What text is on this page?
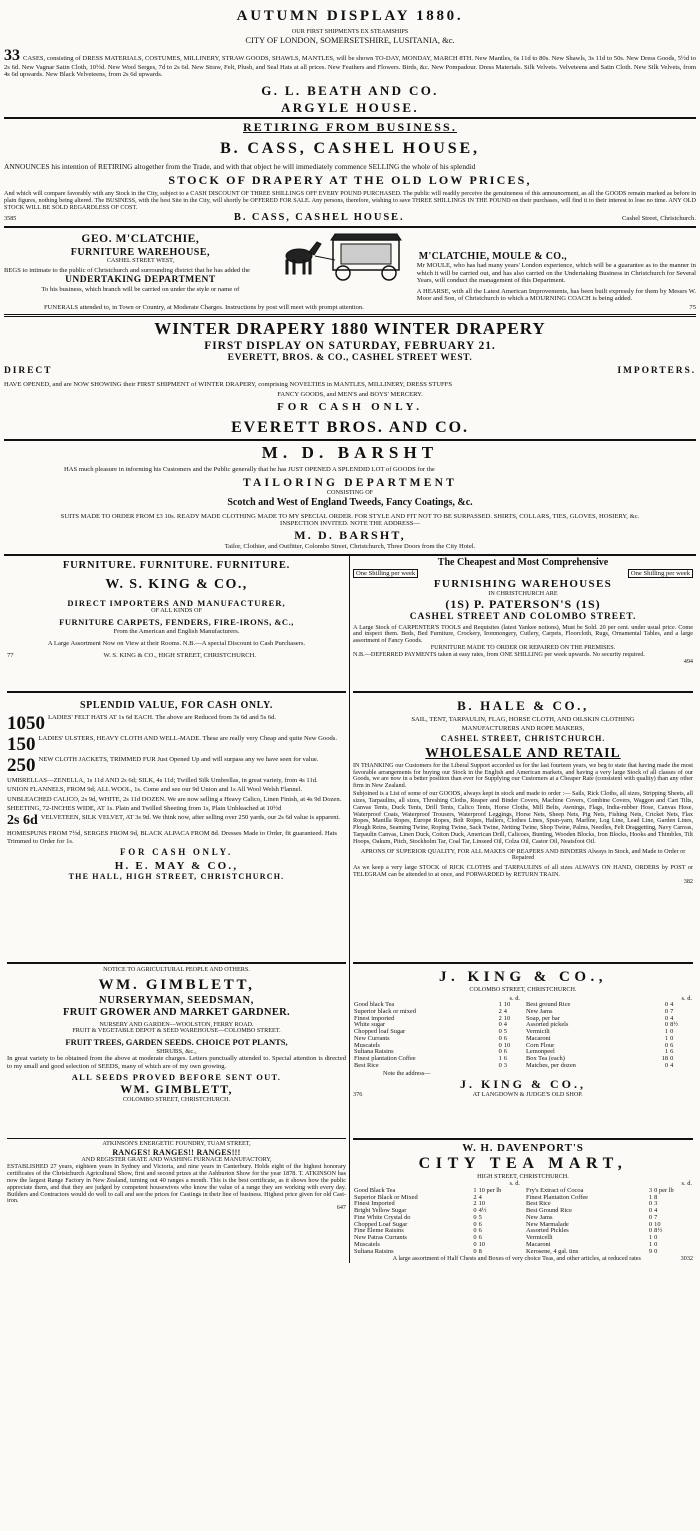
AUTUMN DISPLAY 1880.
OUR FIRST SHIPMENTS EX STEAMSHIPS
CITY OF LONDON, SOMERSETSHIRE, LUSITANIA, &c.
33 CASES, consisting of DRESS MATERIALS, COSTUMES, MILLINERY, STRAW GOODS, SHAWLS, MANTLES, will be shown TO-DAY, MONDAY, MARCH 8TH. New Mantles, 6s 11d to 80s. New Shawls, 3s 11d to 50s. New Dress Goods, 5½d to 2s 6d. New Vagnar Satin Cloth, 10½d. New Wool Serges, 7d to 2s 6d. New Straw, Felt, Plush, and Seal Hats at all prices. New Feathers and Flowers. Birds, &c. New Pompadour. Dress Materials. Silk Velvets. Velveteens and Satin Cloth. New Silk Velvets, from 4s 6d upwards. New Black Velveteens, from 2s 6d upwards.
G. L. BEATH AND CO.
ARGYLE HOUSE.
RETIRING FROM BUSINESS.
B. CASS, CASHEL HOUSE,
ANNOUNCES his intention of RETIRING altogether from the Trade, and with that object he will immediately commence SELLING the whole of his splendid
STOCK OF DRAPERY AT THE OLD LOW PRICES,
And which will compare favorably with any Stock in the City, subject to a CASH DISCOUNT OF THREE SHILLINGS OFF EVERY POUND PURCHASED. The public will readily perceive the genuineness of this announcement, as all the GOODS remain marked as before in plain figures, nothing being altered. The BUSINESS, with the best Site in the City, will shortly be OFFERED FOR SALE. Any persons, therefore, wishing to save THREE SHILLINGS IN THE POUND on their purchases, will find it to their interest to lose no time. ANY OLD STOCK WILL BE SOLD REGARDLESS OF COST.
3585	B. CASS, CASHEL HOUSE.	Cashel Street, Christchurch.
GEO. M'CLATCHIE,
FURNITURE WAREHOUSE,
CASHEL STREET WEST,
BEGS to intimate to the public of Christchurch and surrounding district that he has added the
UNDERTAKING DEPARTMENT
To his business, which branch will be carried on under the style or name of
M'CLATCHIE, MOULE & CO.,
Mr MOULE, who has had many years' London experience, which will be a guarantee as to the manner in which it will be carried out, and has also carried on the Undertaking Business in Christchurch for Several Years, will conduct the management of this Department.
A HEARSE, with all the Latest American Improvements, has been built expressly for them by Messrs W. Moor and Son, of Christchurch to which a MOURNING COACH is being added.
FUNERALS attended to, in Town or Country, at Moderate Charges. Instructions by post will meet with prompt attention.	75
WINTER DRAPERY 1880 WINTER DRAPERY
FIRST DISPLAY ON SATURDAY, FEBRUARY 21.
EVERETT, BROS. & CO., CASHEL STREET WEST.
DIRECT	IMPORTERS.
HAVE OPENED, and are NOW SHOWING their FIRST SHIPMENT of WINTER DRAPERY, comprising NOVELTIES in MANTLES, MILLINERY, DRESS STUFFS
FANCY GOODS, and MEN'S and BOYS' MERCERY.
FOR CASH ONLY.
EVERETT BROS. AND CO.
M. D. BARSHT
HAS much pleasure in informing his Customers and the Public generally that he has JUST OPENED A SPLENDID LOT of GOODS for the
TAILORING DEPARTMENT
CONSISTING OF
Scotch and West of England Tweeds, Fancy Coatings, &c.
SUITS MADE TO ORDER FROM £3 10s. READY MADE CLOTHING MADE TO MY SPECIAL ORDER. FOR STYLE AND FIT NOT TO BE SURPASSED. SHIRTS, COLLARS, TIES, GLOVES, HOSIERY, &c.
INSPECTION INVITED. NOTE THE ADDRESS—
M. D. BARSHT,
Tailor, Clothier, and Outfitter, Colombo Street, Christchurch, Three Doors from the City Hotel.
FURNITURE. FURNITURE. FURNITURE.
W. S. KING & CO.,
DIRECT IMPORTERS AND MANUFACTURER,
OF ALL KINDS OF
FURNITURE CARPETS, FENDERS, FIRE-IRONS, &C.,
From the American and English Manufacturers.
A Large Assortment Now on View at their Rooms. N.B.—A special Discount to Cash Purchasers.
77	W. S. KING & CO., HIGH STREET, CHRISTCHURCH.
SPLENDID VALUE, FOR CASH ONLY.
1050 LADIES' FELT HATS AT 1s 6d EACH. The above are Reduced from 3s 6d and 5s 6d.
150 LADIES' ULSTERS, HEAVY CLOTH AND WELL-MADE. These are really very Cheap and quite New Goods.
250 NEW CLOTH JACKETS, TRIMMED FUR Just Opened Up and will surpass any we have seen for value.
UMBRELLAS—ZENELLA, 1s 11d AND 2s 6d; SILK, 4s 11d; Twilled Silk Umbrellas, in great variety, from 4s 11d.
UNION FLANNELS, FROM 9d; ALL WOOL, 1s. Come and see our 9d Union and 1s All Wool Welsh Flannel.
UNBLEACHED CALICO, 2s 9d, WHITE, 2s 11d DOZEN. We are now selling a Heavy Calico, Linen Finish, at 4s 9d Dozen.
SHEETING, 72-INCHES WIDE, AT 1s. Plain and Twilled Sheeting from 1s, Plain Unbleached at 10½d
2s 6d VELVETEEN, SILK VELVET, AT 3s 9d. We think now, after selling over 250 yards, our 2s 6d value is apparent.
HOMESPUNS FROM 7½d, SERGES FROM 9d, BLACK ALPACA FROM 8d. Dresses Made to Order, fit guaranteed. Hats Trimmed to Order for 1s.
FOR CASH ONLY.
H. E. MAY & CO.,
THE HALL, HIGH STREET, CHRISTCHURCH.
NOTICE TO AGRICULTURAL PEOPLE AND OTHERS.
WM. GIMBLETT,
NURSERYMAN, SEEDSMAN,
FRUIT GROWER AND MARKET GARDNER.
NURSERY AND GARDEN—WOOLSTON, FERRY ROAD.
FRUIT & VEGETABLE DEPOT & SEED WAREHOUSE—COLOMBO STREET.
FRUIT TREES, GARDEN SEEDS. CHOICE POT PLANTS,
SHRUBS, &c.,
In great variety to be obtained from the above at moderate charges. Letters punctually attended to. Special attention is directed to my small and good selection of SEEDS, many of which are of my own growing.
ALL SEEDS PROVED BEFORE SENT OUT.
WM. GIMBLETT,
COLOMBO STREET, CHRISTCHURCH.
ATKINSON'S ENERGETIC FOUNDRY, TUAM STREET,
RANGES! RANGES!! RANGES!!!
AND REGISTER GRATE AND WASHING FURNACE MANUFACTORY,
ESTABLISHED 27 years, eighteen years in Sydney and Victoria, and nine years in Canterbury. Holds eight of the highest honorary certificates of the Christchurch Agricultural Show, first and second prizes at the Ashburton Show for the year 1878. T. ATKINSON has now the largest Range Factory in New Zealand, turning out 40 ranges a month. This is the best certificate, as it shows how the public appreciate them, and that they are judged by competent housewives who know the value of a range they are working with every day. Builders and Contractors would do well to call and see the prices for Castings in their line of business. Highest price given for old Cast-iron.
647
The Cheapest and Most Comprehensive
One Shilling per week	One Shilling per week
FURNISHING WAREHOUSES
IN CHRISTCHURCH ARE
(1S) P. PATERSON'S (1S)
CASHEL STREET AND COLOMBO STREET.
A Large Stock of CARPENTER'S TOOLS and Requisites (latest Yankee notions), Must be Sold. 20 per cent. under usual price. Come and inspect them. Beds, Bed Furniture, Crockery, Ironmongery, Cutlery, Carpets, Floorcloth, Rugs, Ornamental Tables, and a large assortment of Fancy Goods.
FURNITURE MADE TO ORDER OR REPAIRED ON THE PREMISES.
N.B.—DEFERRED PAYMENTS taken at easy rates, from ONE SHILLING per week upwards. No security required.
494
B. HALE & CO.,
SAIL, TENT, TARPAULIN, FLAG, HORSE CLOTH, AND OILSKIN CLOTHING
MANUFACTURERS AND ROPE MAKERS,
CASHEL STREET, CHRISTCHURCH.
WHOLESALE AND RETAIL
IN THANKING our Customers for the Liberal Support accorded us for the last fourteen years, we beg to state that having made the most favorable arrangements for buying our Stock in the English and American markets, and having a very large Stock of all classes of our Goods, we are now in a better position than ever for Supplying our Customers at a Cheaper Rate (consistent with quality) than any other firm in New Zealand.
Subjoined is a List of some of our GOODS, always kept in stock and made to order :— Sails, Rick Cloths, all sizes, Stripping Sheets, all sizes, Tarpaulins, all sizes, Threshing Cloths, Reaper and Binder Covers, Machine Covers, Combine Covers, Waggon and Cart Tilts, Canvas Tents, Duck Tents, Drill Tents, Calico Tents, Horse Cloths, Mill Belts, Awnings, Flags, India-rubber Hose, Canvas Hose, Waterproof Coats, Waterproof Trousers, Waterproof Leggings, Horse Nets, Sheep Nets, Pig Nets, Fishing Nets, Cricket Nets, Flax Ropes, Manilla Ropes, Europe Ropes, Bolt Ropes, Halters, Clothes Lines, Spun-yarn, Marline, Log Line, Lead Line, Garden Lines, Plough Reins, Seaming Twine, Roping Twine, Sack Twine, Netting Twine, Shop Twine, Palms, Needles, Felt Draggetting, Navy Canvas, Tarpaulin Canvas, Linen Duck, Cotton Duck, American Drill, Calicoes, Bunting, Wooden Blocks, Iron Blocks, Hooks and Thimbles, Tilt Hoops, Oakum, Pitch, Stockholm Tar, Coal Tar, Linseed Oil, Colza Oil, Castor Oil, Neatsfoot Oil.
APRONS OF SUPERIOR QUALITY, FOR ALL MAKES OF REAPERS AND BINDERS Always in Stock, and Made to Order or Repaired
As we keep a very large STOCK of RICK CLOTHS and TARPAULINS of all sizes ALWAYS ON HAND, ORDERS by POST or TELEGRAM can be attended to at once, and FORWARDED by RETURN TRAIN.
382
J. KING & CO.,
COLOMBO STREET, CHRISTCHURCH.
	s. d.	
Good black Tea	1	10
Superior black or mixed	2	4
Finest imported	2	10
White sugar	0	4
Chopped loaf Sugar	0	5
New Currants	0	6
Muscatels	0	10
Sultana Raisins	0	6
Finest plantation Coffee	1	6
Best Rice	0	3
	s. d.	
Best ground Rice	0	4
New Jams	0	7
Soap, per bar	0	4
Assorted pickels	0	8½
Vermicili	1	0
Macaroni	1	0
Corn Flour	0	6
Lemonpeel	1	6
Box Tea (each)	18	0
Matches, per dozen	0	4
Note the address—
J. KING & CO.,
376	AT LANGDOWN & JUDGE'S OLD SHOP.
W. H. DAVENPORT'S
CITY TEA MART,
HIGH STREET, CHRISTCHURCH.
	s. d.	
Good Black Tea	1	10 per lb
Superior Black or Mixed	2	4
Finest Imported	2	10
Bright Yellow Sugar	0	4½
Fine White Crystal do	0	5
Chopped Loaf Sugar	0	6
Fine Eleme Raisins	0	6
New Patras Currants	0	6
Muscatels	0	10
Sultana Raisins	0	8
	s. d.	
Fry's Extract of Cocoa	3	0 per lb
Finest Plantation Coffee	1	8
Best Rice	0	3
Best Ground Rice	0	4
New Jams	0	7
New Marmalade	0	10
Assorted Pickles	0	8½
Vermicelli	1	0
Macaroni	1	0
Kerosene, 4 gal. tins	9	0
A large assortment of Half Chests and Boxes of very choice Teas, and other articles, at reduced rates	3032
